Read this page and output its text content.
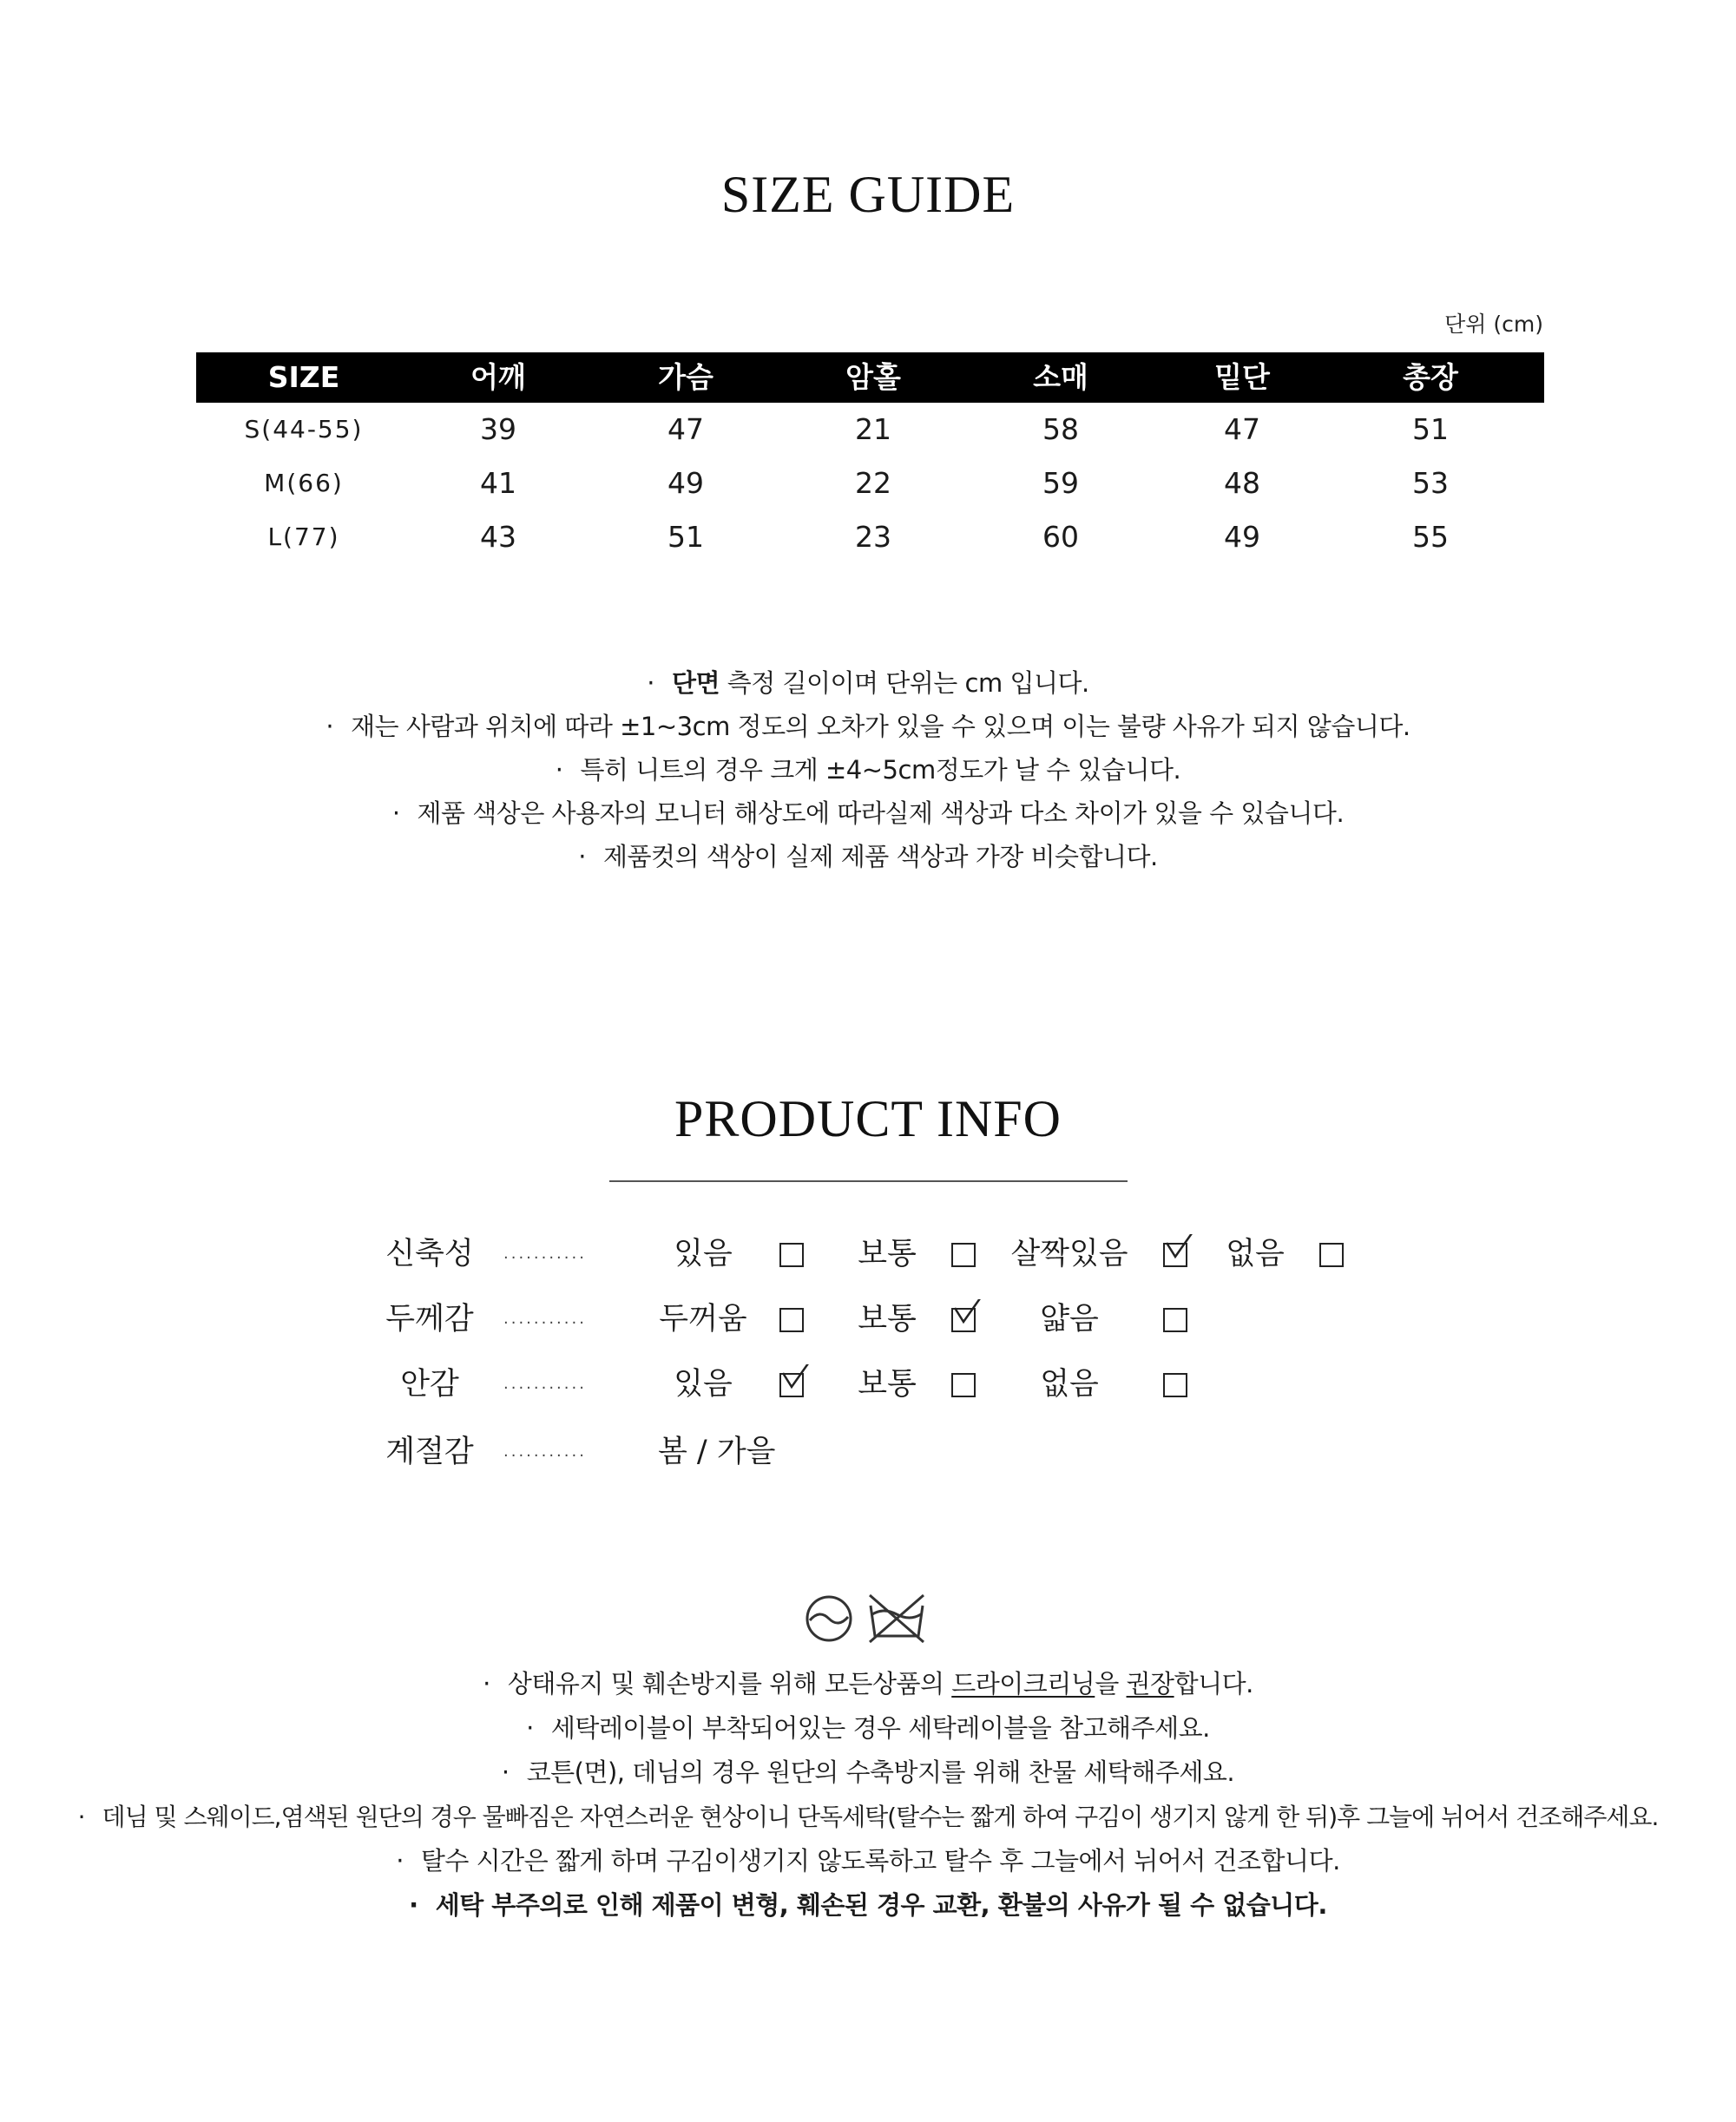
SIZE GUIDE
단위 (cm)
SIZE	어깨	가슴	암홀	소매	밑단	총장
S(44-55)	39	47	21	58	47	51
M(66)	41	49	22	59	48	53
L(77)	43	51	23	60	49	55

· 단면 측정 길이이며 단위는 cm 입니다.

· 재는 사람과 위치에 따라 ±1~3cm 정도의 오차가 있을 수 있으며 이는 불량 사유가 되지 않습니다.

· 특히 니트의 경우 크게 ±4~5cm정도가 날 수 있습니다.

· 제품 색상은 사용자의 모니터 해상도에 따라실제 색상과 다소 차이가 있을 수 있습니다.

· 제품컷의 색상이 실제 제품 색상과 가장 비슷합니다.

PRODUCT INFO
신축성	...........	있음	보통	살짝있음	없음
두께감	...........	두꺼움	보통	얇음
안감	...........	있음	보통	없음
계절감	...........	봄 / 가을

· 상태유지 및 훼손방지를 위해 모든상품의 드라이크리닝을 권장합니다.

· 세탁레이블이 부착되어있는 경우 세탁레이블을 참고해주세요.

· 코튼(면), 데님의 경우 원단의 수축방지를 위해 찬물 세탁해주세요.

· 데님 및 스웨이드,염색된 원단의 경우 물빠짐은 자연스러운 현상이니 단독세탁(탈수는 짧게 하여 구김이 생기지 않게 한 뒤)후 그늘에 뉘어서 건조해주세요.

· 탈수 시간은 짧게 하며 구김이생기지 않도록하고 탈수 후 그늘에서 뉘어서 건조합니다.

· 세탁 부주의로 인해 제품이 변형, 훼손된 경우 교환, 환불의 사유가 될 수 없습니다.
